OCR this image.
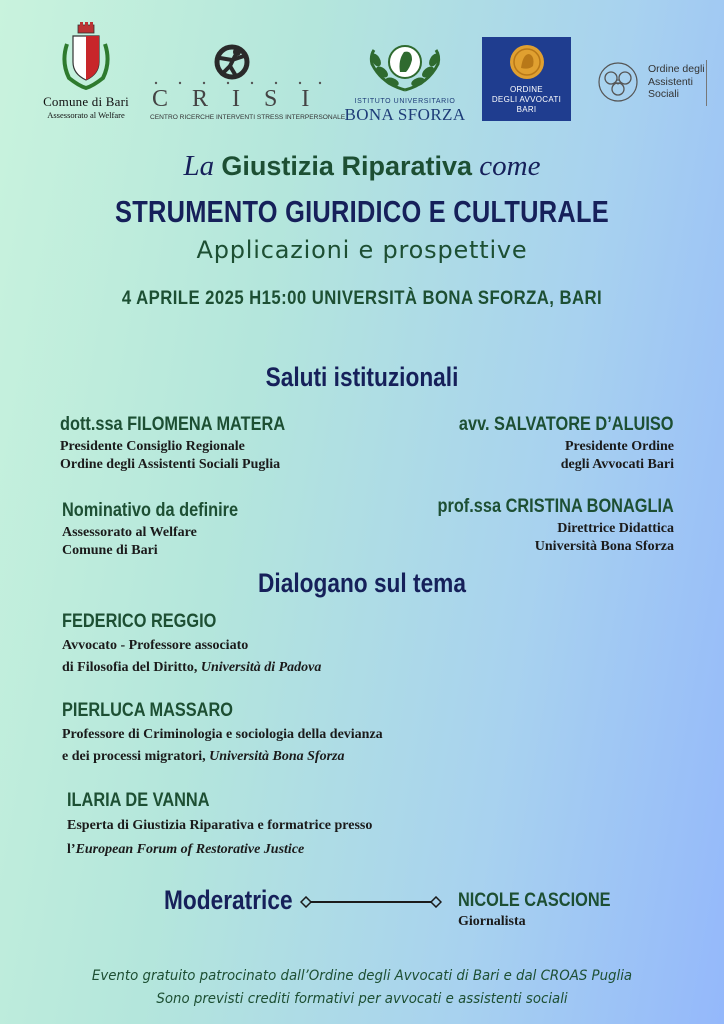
Comune di Bari
Assessorato al Welfare
CRISI
CENTRO RICERCHE INTERVENTI STRESS INTERPERSONALE
ISTITUTO UNIVERSITARIO
BONA SFORZA
ORDINE
DEGLI AVVOCATI
BARI
Ordine degli
Assistenti
Sociali
La Giustizia Riparativa come
STRUMENTO GIURIDICO E CULTURALE
Applicazioni e prospettive
4 APRILE 2025 H15:00 UNIVERSITÀ BONA SFORZA, BARI
Saluti istituzionali
dott.ssa FILOMENA MATERA
Presidente Consiglio Regionale
Ordine degli Assistenti Sociali Puglia
avv. SALVATORE D’ALUISO
Presidente Ordine
degli Avvocati Bari
Nominativo da definire
Assessorato al Welfare
Comune di Bari
prof.ssa CRISTINA BONAGLIA
Direttrice Didattica
Università Bona Sforza
Dialogano sul tema
FEDERICO REGGIO
Avvocato - Professore associato
di Filosofia del Diritto, Università di Padova
PIERLUCA MASSARO
Professore di Criminologia e sociologia della devianza
e dei processi migratori, Università Bona Sforza
ILARIA DE VANNA
Esperta di Giustizia Riparativa e formatrice presso
l’European Forum of Restorative Justice
Moderatrice	NICOLE CASCIONE
Giornalista
Evento gratuito patrocinato dall’Ordine degli Avvocati di Bari e dal CROAS Puglia
Sono previsti crediti formativi per avvocati e assistenti sociali
